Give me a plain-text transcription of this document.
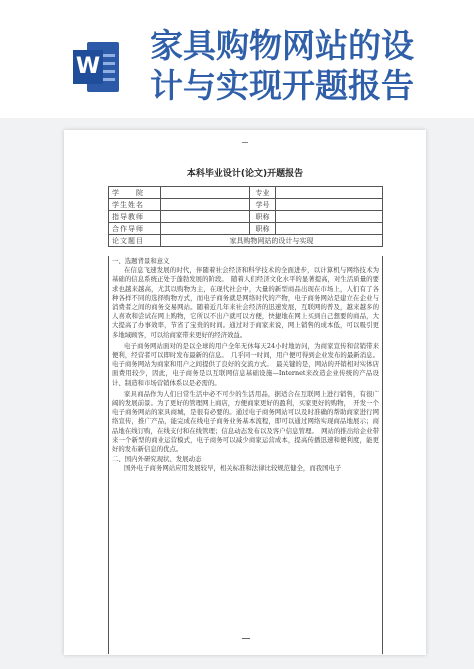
W
家具购物网站的设
计与实现开题报告
本科毕业设计(论文)开题报告
学　　院		专业	
学生姓名		学号	
指导教师		职称	
合作导师		职称	
论文题目	家具购物网站的设计与实现		

一、选题背景和意义

在信息飞速发展的时代，伴随着社会经济和科学技术的全面进步，以计算机与网络技术为基础的信息系统正处于蓬勃发展的阶段。　随着人们经济文化水平的显著提高，对生活质量的要求也越来越高，尤其以购物为主，在现代社会中，大量的新型商品出现在市场上，人们有了各种各样不同的选择购物方式，而电子商务就是网络时代的产物，电子商务网站是建立在企业与消费者之间的商务交易网站。随着近几年来社会经济的迅速发展，互联网的普及，越来越多的人喜欢和尝试在网上购物，它所以不出户就可以方便，快捷地在网上买到自己想要的商品，大大提高了办事效率，节省了宝贵的时间。通过对于商家来说，网上销售的成本低，可以吸引更多地域顾客，可以给商家带来更好的经济效益。

电子商务网站面对的是以全球的用户全年无休每天24小时地访问，为商家宣传和营销带来便利，经营者可以即时发布最新的信息。　几乎同一时间，用户便可得到企业发布的最新消息。电子商务网站为商家和用户之间提供了良好的交流方式。　最关键的是，网站的开销相对实体店面费用较少，因此，电子商务是以互联网信息基础设施—Internet来改造企业传统的产品设计、制造和市场营销体系以是必需的。

家具商品作为人们日常生活中必不可少的生活用品，据适合在互联网上进行销售，有很广阔的发展前景。为了更好的管理网上商店，方便商家更好的盈利，买家更好的购物，　开发一个电子商务网站的家具商城，是很有必要的。通过电子商务网站可以及时准确的帮助商家进行网络宣传，推广产品，能完成在线电子商务业务基本流程，即可以通过网络实现商品地展示；商品地在线订购，在线支付和在线管理；信息动态发布以及客户信息管理。　网站的推出给企业带来一个新型的商业运营模式，电子商务可以减少商家运营成本，提高传播迅速和便利度，能更好的发布新信息的优点。

二、国内外研究现状、发展动态

国外电子商务网站应用发展较早，相关标准和法律比较规范健全，而我国电子
